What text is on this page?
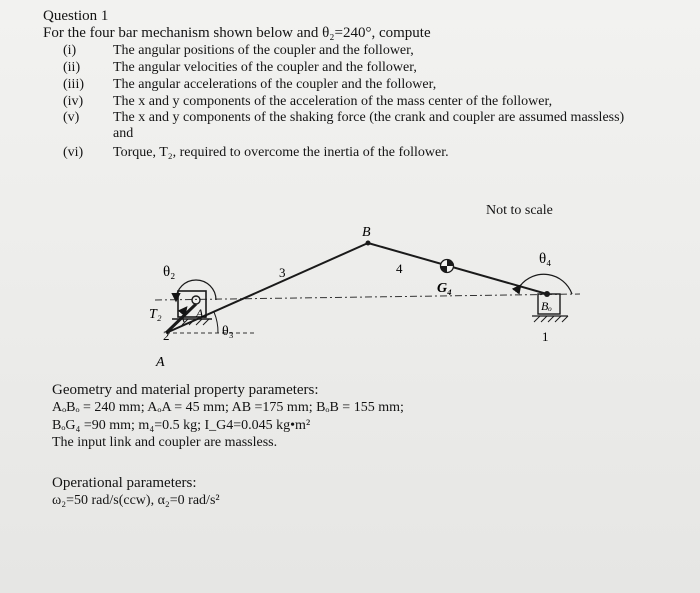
Question 1
For the four bar mechanism shown below and θ₂=240°, compute
(i)	The angular positions of the coupler and the follower,
(ii) The angular velocities of the coupler and the follower,
(iii) The angular accelerations of the coupler and the follower,
(iv) The x and y components of the acceleration of the mass center of the follower,
(v) The x and y components of the shaking force (the crank and coupler are assumed massless)
and
(vi) Torque, T₂, required to overcome the inertia of the follower.
Not to scale
B
3	4
θ₂
θ₃
θ₄
G₄
T₂	Aₒ	Bₒ
2	1
A
Geometry and material property parameters:
AₒBₒ = 240 mm; AₒA = 45 mm; AB =175 mm; BₒB = 155 mm;
BₒG₄ =90 mm; m₄=0.5 kg; I_G4=0.045 kg•m²
The input link and coupler are massless.
Operational parameters:
ω₂=50 rad/s(ccw), α₂=0 rad/s²
